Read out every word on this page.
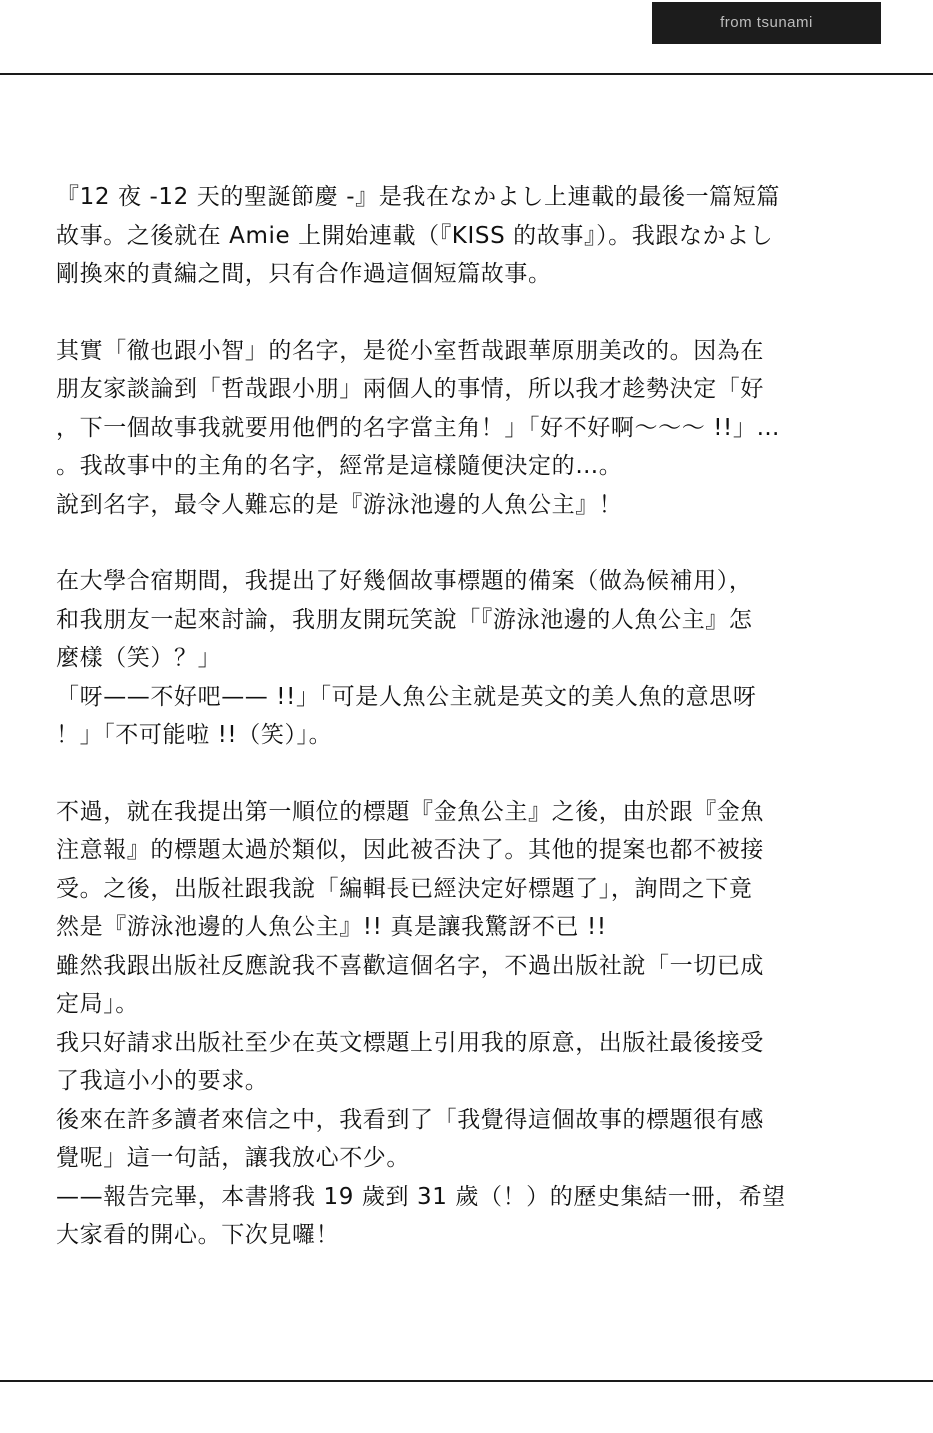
from tsunami

『12 夜 -12 天的聖誕節慶 -』是我在なかよし上連載的最後一篇短篇
故事。之後就在 Amie 上開始連載（『KISS 的故事』）。我跟なかよし
剛換來的責編之間，只有合作過這個短篇故事。

其實「徹也跟小智」的名字，是從小室哲哉跟華原朋美改的。因為在
朋友家談論到「哲哉跟小朋」兩個人的事情，所以我才趁勢決定「好
，下一個故事我就要用他們的名字當主角！」「好不好啊～～～ !!」…
。我故事中的主角的名字，經常是這樣隨便決定的…。
說到名字，最令人難忘的是『游泳池邊的人魚公主』！

在大學合宿期間，我提出了好幾個故事標題的備案（做為候補用），
和我朋友一起來討論，我朋友開玩笑說「『游泳池邊的人魚公主』怎
麼樣（笑）？」
「呀——不好吧—— !!」「可是人魚公主就是英文的美人魚的意思呀
！」「不可能啦 !!（笑）」。

不過，就在我提出第一順位的標題『金魚公主』之後，由於跟『金魚
注意報』的標題太過於類似，因此被否決了。其他的提案也都不被接
受。之後，出版社跟我說「編輯長已經決定好標題了」，詢問之下竟
然是『游泳池邊的人魚公主』!! 真是讓我驚訝不已 !!
雖然我跟出版社反應說我不喜歡這個名字，不過出版社說「一切已成
定局」。
我只好請求出版社至少在英文標題上引用我的原意，出版社最後接受
了我這小小的要求。
後來在許多讀者來信之中，我看到了「我覺得這個故事的標題很有感
覺呢」這一句話，讓我放心不少。
——報告完畢，本書將我 19 歲到 31 歲（！）的歷史集結一冊，希望
大家看的開心。下次見囉！
